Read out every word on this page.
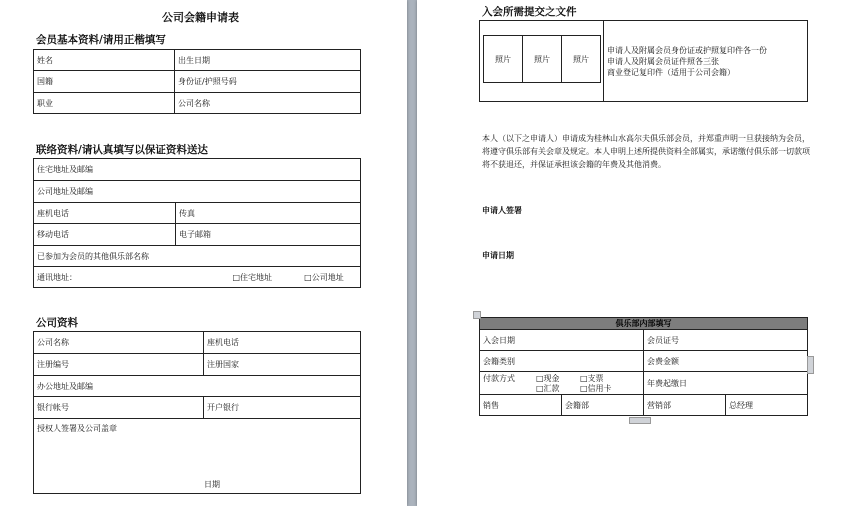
公司会籍申请表
会员基本资料/请用正楷填写
姓名	出生日期
国籍	身份证/护照号码
职业	公司名称
联络资料/请认真填写以保证资料送达
住宅地址及邮编	
公司地址及邮编	
座机电话	传真
移动电话	电子邮箱
已参加为会员的其他俱乐部名称	
通讯地址：	□住宅地址 □公司地址
公司资料
公司名称	座机电话
注册编号	注册国家
办公地址及邮编	
银行帐号	开户银行
授权人签署及公司盖章
日期	
入会所需提交之文件
照片	照片	照片

申请人及附属会员身份证或护照复印件各一份
申请人及附属会员证件照各三张
商业登记复印件（适用于公司会籍）
本人（以下之申请人）申请成为桂林山水高尔夫俱乐部会员，并郑重声明一旦获接纳为会员，将遵守俱乐部有关会章及规定。本人申明上述所提供资料全部属实，承诺缴付俱乐部一切款项将不获退还，并保证承担该会籍的年费及其他消费。
申请人签署
申请日期
俱乐部内部填写			
入会日期		会员证号	
会籍类别		会费金额	

付款方式 □现金 □支票
□汇款 □信用卡		年费起缴日	
销售	会籍部	营销部	总经理
